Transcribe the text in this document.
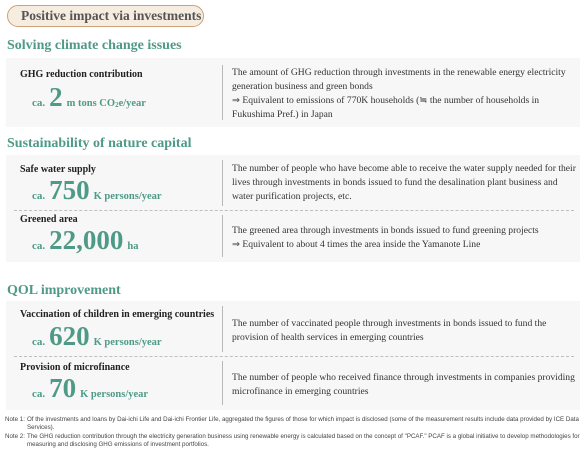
Positive impact via investments
Solving climate change issues
GHG reduction contribution
ca. 2 m tons CO2e/year
The amount of GHG reduction through investments in the renewable energy electricity generation business and green bonds
⇒ Equivalent to emissions of 770K households (≒ the number of households in
Fukushima Pref.) in Japan
Sustainability of nature capital
Safe water supply
ca. 750 K persons/year
The number of people who have become able to receive the water supply needed for their lives through investments in bonds issued to fund the desalination plant business and water purification projects, etc.
Greened area
ca. 22,000 ha
The greened area through investments in bonds issued to fund greening projects
⇒ Equivalent to about 4 times the area inside the Yamanote Line
QOL improvement
Vaccination of children in emerging countries
ca. 620 K persons/year
The number of vaccinated people through investments in bonds issued to fund the provision of health services in emerging countries
Provision of microfinance
ca. 70 K persons/year
The number of people who received finance through investments in companies providing microfinance in emerging countries
Note 1: Of the investments and loans by Dai-ichi Life and Dai-ichi Frontier Life, aggregated the figures of those for which impact is disclosed (some of the measurement results include data provided by ICE Data Services).
Note 2: The GHG reduction contribution through the electricity generation business using renewable energy is calculated based on the concept of "PCAF." PCAF is a global initiative to develop methodologies for measuring and disclosing GHG emissions of investment portfolios.
